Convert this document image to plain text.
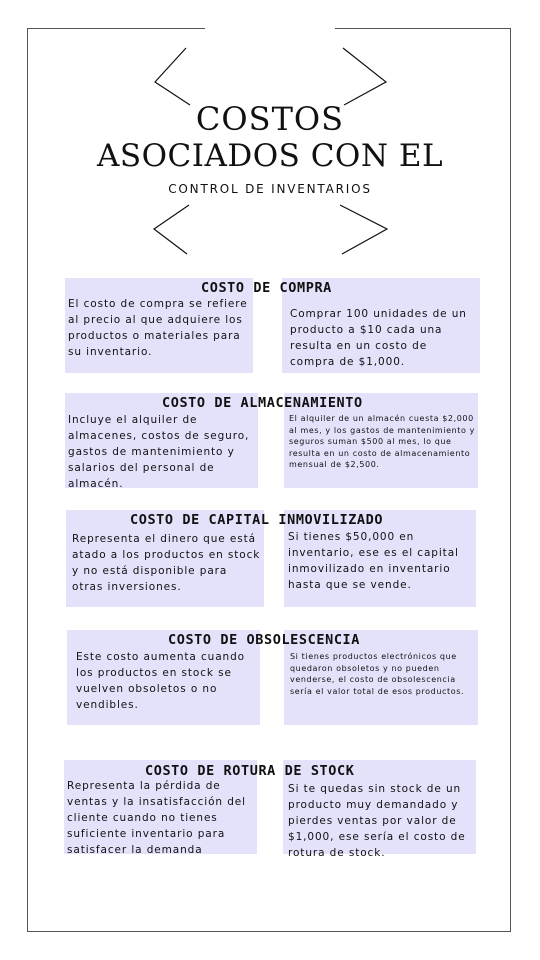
COSTOS
ASOCIADOS CON EL
CONTROL DE INVENTARIOS
COSTO DE COMPRA

El costo de compra se refiere al precio al que adquiere los productos o materiales para su inventario.

Comprar 100 unidades de un producto a $10 cada una resulta en un costo de compra de $1,000.

COSTO DE ALMACENAMIENTO

Incluye el alquiler de almacenes, costos de seguro, gastos de mantenimiento y salarios del personal de almacén.

El alquiler de un almacén cuesta $2,000 al mes, y los gastos de mantenimiento y seguros suman $500 al mes, lo que resulta en un costo de almacenamiento mensual de $2,500.

COSTO DE CAPITAL INMOVILIZADO

Representa el dinero que está atado a los productos en stock y no está disponible para otras inversiones.

Si tienes $50,000 en inventario, ese es el capital inmovilizado en inventario hasta que se vende.

COSTO DE OBSOLESCENCIA

Este costo aumenta cuando los productos en stock se vuelven obsoletos o no vendibles.

Si tienes productos electrónicos que quedaron obsoletos y no pueden venderse, el costo de obsolescencia sería el valor total de esos productos.

COSTO DE ROTURA DE STOCK

Representa la pérdida de ventas y la insatisfacción del cliente cuando no tienes suficiente inventario para satisfacer la demanda

Si te quedas sin stock de un producto muy demandado y pierdes ventas por valor de $1,000, ese sería el costo de rotura de stock.
